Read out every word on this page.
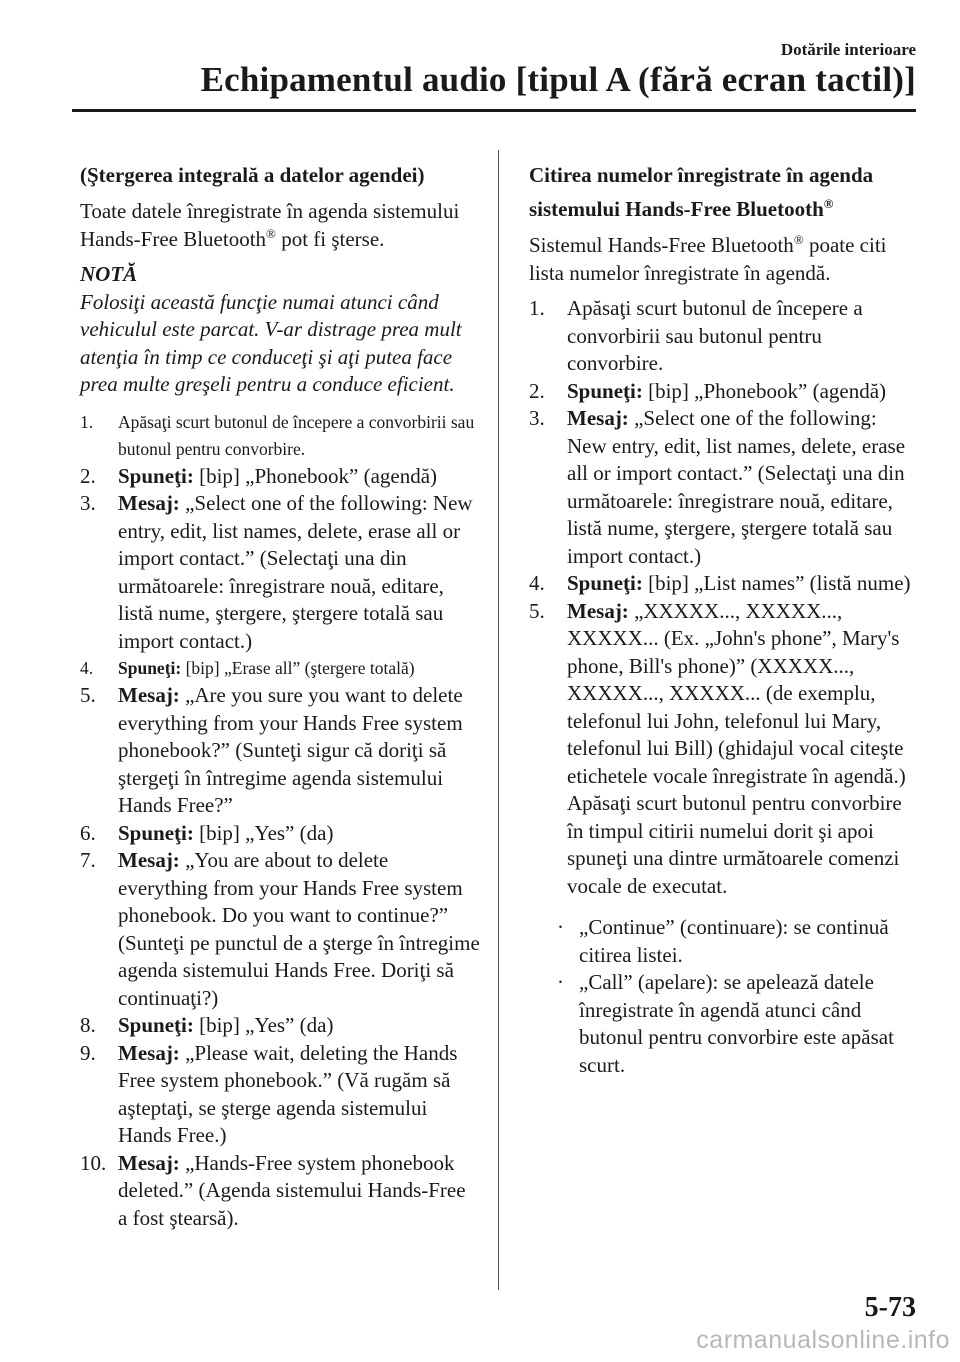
Dotările interioare
Echipamentul audio [tipul A (fără ecran tactil)]
(Ştergerea integrală a datelor agendei)

Toate datele înregistrate în agenda sistemului Hands-Free Bluetooth® pot fi şterse.

NOTĂ
Folosiţi această funcţie numai atunci când vehiculul este parcat. V-ar distrage prea mult atenţia în timp ce conduceţi şi aţi putea face prea multe greşeli pentru a conduce eficient.
1. Apăsaţi scurt butonul de începere a convorbirii sau butonul pentru convorbire.
2. Spuneţi: [bip] „Phonebook” (agendă)
3. Mesaj: „Select one of the following: New entry, edit, list names, delete, erase all or import contact.” (Selectaţi una din următoarele: înregistrare nouă, editare, listă nume, ştergere, ştergere totală sau import contact.)
4. Spuneţi: [bip] „Erase all” (ştergere totală)
5. Mesaj: „Are you sure you want to delete everything from your Hands Free system phonebook?” (Sunteţi sigur că doriţi să ştergeţi în întregime agenda sistemului Hands Free?”
6. Spuneţi: [bip] „Yes” (da)
7. Mesaj: „You are about to delete everything from your Hands Free system phonebook. Do you want to continue?” (Sunteţi pe punctul de a şterge în întregime agenda sistemului Hands Free. Doriţi să continuaţi?)
8. Spuneţi: [bip] „Yes” (da)
9. Mesaj: „Please wait, deleting the Hands Free system phonebook.” (Vă rugăm să aşteptaţi, se şterge agenda sistemului Hands Free.)
10. Mesaj: „Hands-Free system phonebook deleted.” (Agenda sistemului Hands-Free a fost ştearsă).
Citirea numelor înregistrate în agenda sistemului Hands-Free Bluetooth®

Sistemul Hands-Free Bluetooth® poate citi lista numelor înregistrate în agendă.

1. Apăsaţi scurt butonul de începere a convorbirii sau butonul pentru convorbire.
2. Spuneţi: [bip] „Phonebook” (agendă)
3. Mesaj: „Select one of the following: New entry, edit, list names, delete, erase all or import contact.” (Selectaţi una din următoarele: înregistrare nouă, editare, listă nume, ştergere, ştergere totală sau import contact.)
4. Spuneţi: [bip] „List names” (listă nume)
5. Mesaj: „XXXXX..., XXXXX..., XXXXX... (Ex. „John's phone”, Mary's phone, Bill's phone)” (XXXXX..., XXXXX..., XXXXX... (de exemplu, telefonul lui John, telefonul lui Mary, telefonul lui Bill) (ghidajul vocal citeşte etichetele vocale înregistrate în agendă.)
Apăsaţi scurt butonul pentru convorbire în timpul citirii numelui dorit şi apoi spuneţi una dintre următoarele comenzi vocale de executat.
· „Continue” (continuare): se continuă citirea listei.
· „Call” (apelare): se apelează datele înregistrate în agendă atunci când butonul pentru convorbire este apăsat scurt.
5-73
carmanualsonline.info
